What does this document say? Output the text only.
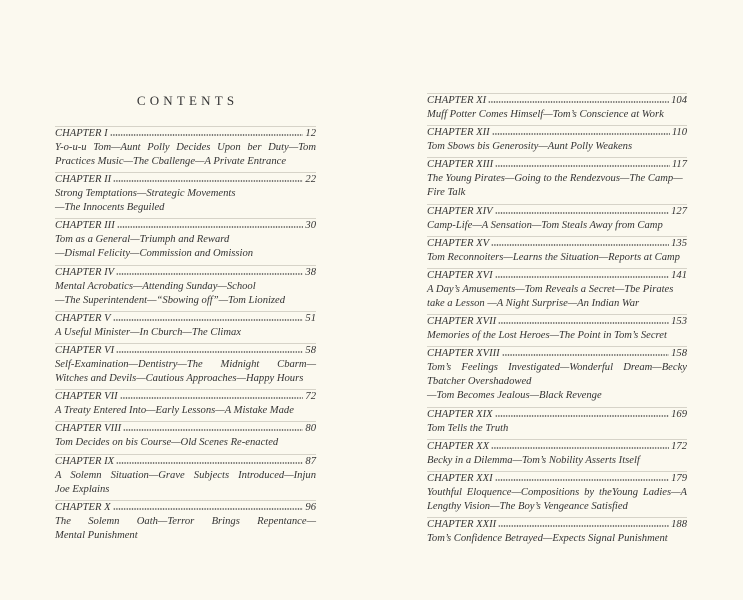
CONTENTS
CHAPTER I	12
Y-o-u-u Tom—Aunt Polly Decides Upon ber Duty—Tom
Practices Music—The Cballenge—A Private Entrance
CHAPTER II	22
Strong Temptations—Strategic Movements
—The Innocents Beguiled
CHAPTER III	30
Tom as a General—Triumph and Reward
—Dismal Felicity—Commission and Omission
CHAPTER IV	38
Mental Acrobatics—Attending Sunday—School
—The Superintendent—“Sbowing off”—Tom Lionized
CHAPTER V	51
A Useful Minister—In Cburch—The Climax
CHAPTER VI	58
Self-Examination—Dentistry—The Midnight Cbarm—
Witches and Devils—Cautious Approaches—Happy Hours
CHAPTER VII	72
A Treaty Entered Into—Early Lessons—A Mistake Made
CHAPTER VIII	80
Tom Decides on bis Course—Old Scenes Re-enacted
CHAPTER IX	87
A Solemn Situation—Grave Subjects Introduced—Injun
Joe Explains
CHAPTER X	96
The Solemn Oath—Terror Brings Repentance—
Mental Punishment
CHAPTER XI	104
Muff Potter Comes Himself—Tom’s Conscience at Work
CHAPTER XII	110
Tom Sbows bis Generosity—Aunt Polly Weakens
CHAPTER XIII	117
The Young Pirates—Going to the Rendezvous—The Camp—
Fire Talk
CHAPTER XIV	127
Camp-Life—A Sensation—Tom Steals Away from Camp
CHAPTER XV	135
Tom Reconnoiters—Learns the Situation—Reports at Camp
CHAPTER XVI	141
A Day’s Amusements—Tom Reveals a Secret—Tbe Pirates
take a Lesson —A Night Surprise—An Indian War
CHAPTER XVII	153
Memories of the Lost Heroes—The Point in Tom’s Secret
CHAPTER XVIII	158
Tom’s Feelings Investigated—Wonderful Dream—Becky
Tbatcher Overshadowed
—Tom Becomes Jealous—Black Revenge
CHAPTER XIX	169
Tom Tells the Truth
CHAPTER XX	172
Becky in a Dilemma—Tom’s Nobility Asserts Itself
CHAPTER XXI	179
Youthful Eloquence—Compositions by theYoung Ladies—A
Lengthy Vision—The Boy’s Vengeance Satisfied
CHAPTER XXII	188
Tom’s Confidence Betrayed—Expects Signal Punishment
